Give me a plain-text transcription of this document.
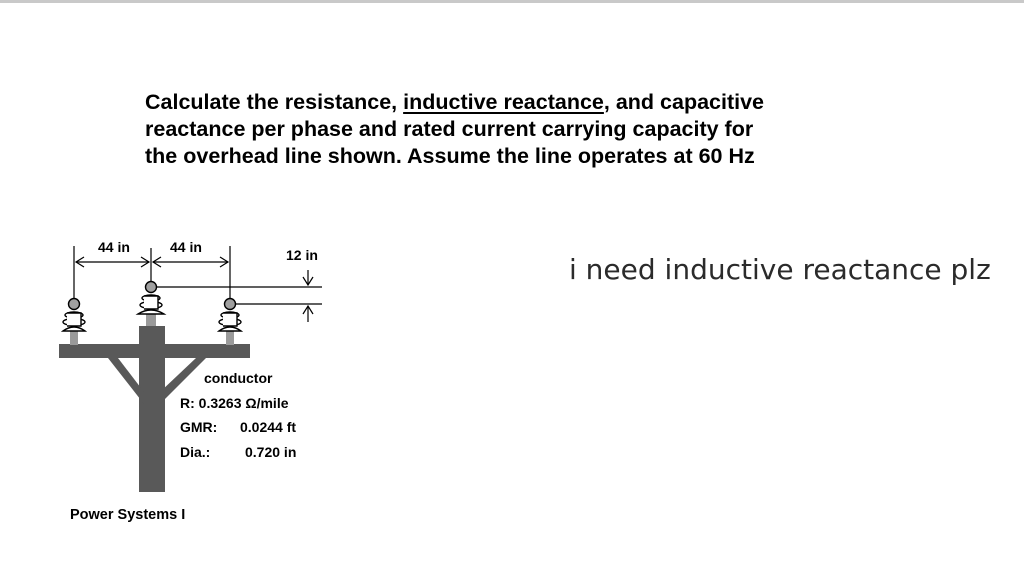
Calculate the resistance, inductive reactance, and capacitive
reactance per phase and rated current carrying capacity for
the overhead line shown. Assume the line operates at 60 Hz
i need inductive reactance plz
44 in	44 in	12 in
conductor
R: 0.3263 Ω/mile
GMR: 0.0244 ft
Dia.: 0.720 in
Power Systems I
